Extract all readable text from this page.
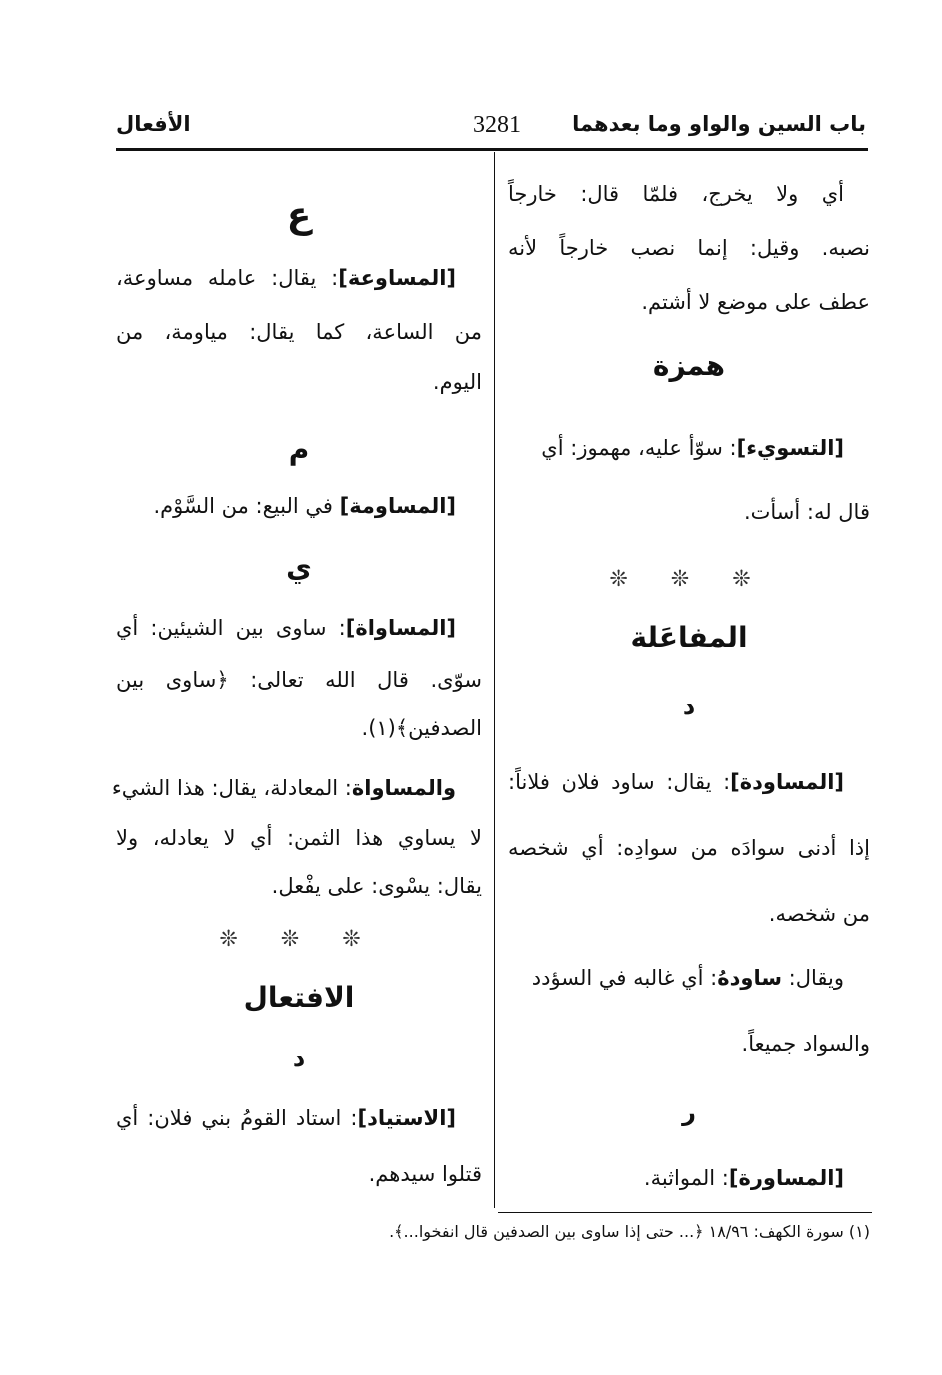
باب السين والواو وما بعدهما
3281
الأفعال
أي ولا يخرج، فلمّا قال: خارجاً
نصبه. وقيل: إنما نصب خارجاً لأنه
عطف على موضع لا أشتم.
همزة
[التسويء]: سوّأ عليه، مهموز: أي
قال له: أسأت.
❊ ❊ ❊
المفاعَلة
د
[المساودة]: يقال: ساود فلان فلاناً:
إذا أدنى سوادَه من سوادِه: أي شخصه
من شخصه.
ويقال: ساودهُ: أي غالبه في السؤدد
والسواد جميعاً.
ر
[المساورة]: المواثبة.
ع
[المساوعة]: يقال: عامله مساوعة،
من الساعة، كما يقال: مياومة، من
اليوم.
م
[المساومة] في البيع: من السَّوْم.
ي
[المساواة]: ساوى بين الشيئين: أي
سوّى. قال الله تعالى: ﴿ساوى بين
الصدفين﴾(١).
والمساواة: المعادلة، يقال: هذا الشيء
لا يساوي هذا الثمن: أي لا يعادله، ولا
يقال: يسْوى: على يفْعل.
❊ ❊ ❊
الافتعال
د
[الاستياد]: استاد القومُ بني فلان: أي
قتلوا سيدهم.
(١) سورة الكهف: ١٨/٩٦ ﴿... حتى إذا ساوى بين الصدفين قال انفخوا...﴾.
